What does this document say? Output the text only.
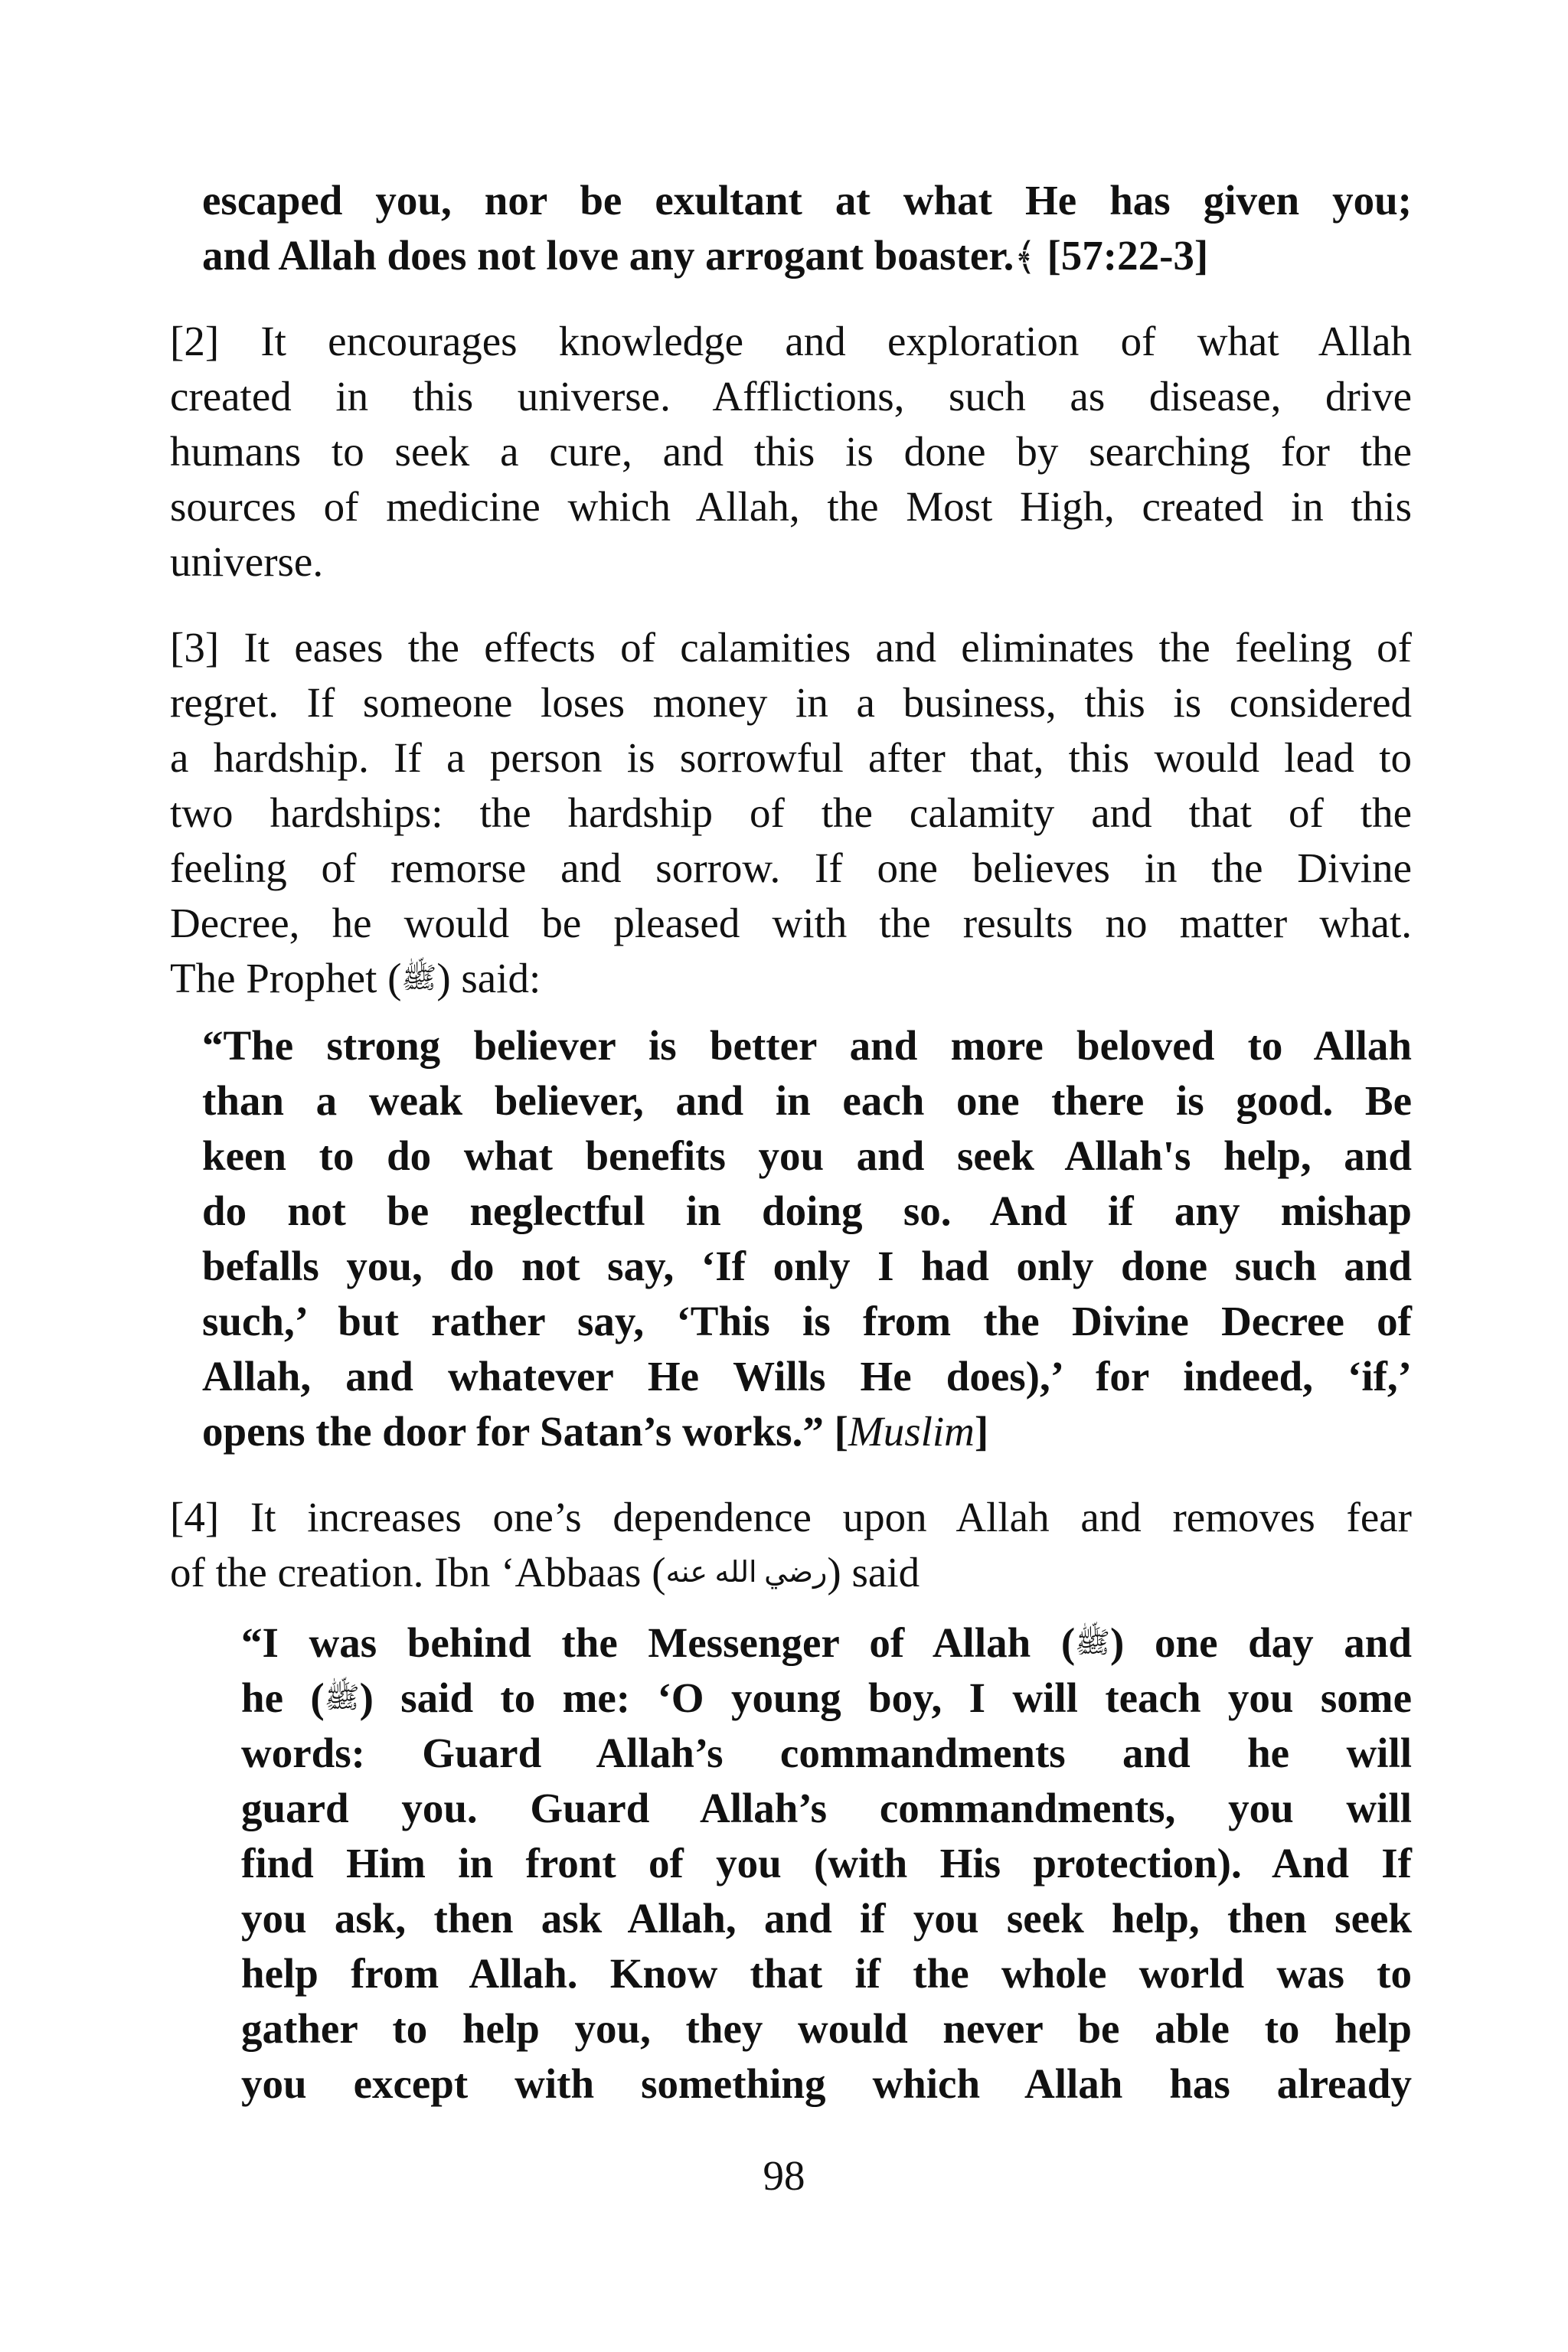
escaped you, nor be exultant at what He has given you;
and Allah does not love any arrogant boaster.﴾ [57:22-3]
[2] It encourages knowledge and exploration of what Allah
created in this universe. Afflictions, such as disease, drive
humans to seek a cure, and this is done by searching for the
sources of medicine which Allah, the Most High, created in this
universe.
[3] It eases the effects of calamities and eliminates the feeling of
regret. If someone loses money in a business, this is considered
a hardship. If a person is sorrowful after that, this would lead to
two hardships: the hardship of the calamity and that of the
feeling of remorse and sorrow. If one believes in the Divine
Decree, he would be pleased with the results no matter what.
The Prophet (ﷺ) said:
“The strong believer is better and more beloved to Allah
than a weak believer, and in each one there is good. Be
keen to do what benefits you and seek Allah's help, and
do not be neglectful in doing so. And if any mishap
befalls you, do not say, ‘If only I had only done such and
such,’ but rather say, ‘This is from the Divine Decree of
Allah, and whatever He Wills He does),’ for indeed, ‘if,’
opens the door for Satan’s works.” [Muslim]
[4] It increases one’s dependence upon Allah and removes fear
of the creation. Ibn ‘Abbaas (رضي الله عنه) said
“I was behind the Messenger of Allah (ﷺ) one day and
he (ﷺ) said to me: ‘O young boy, I will teach you some
words: Guard Allah’s commandments and he will
guard you. Guard Allah’s commandments, you will
find Him in front of you (with His protection). And If
you ask, then ask Allah, and if you seek help, then seek
help from Allah. Know that if the whole world was to
gather to help you, they would never be able to help
you except with something which Allah has already
98
